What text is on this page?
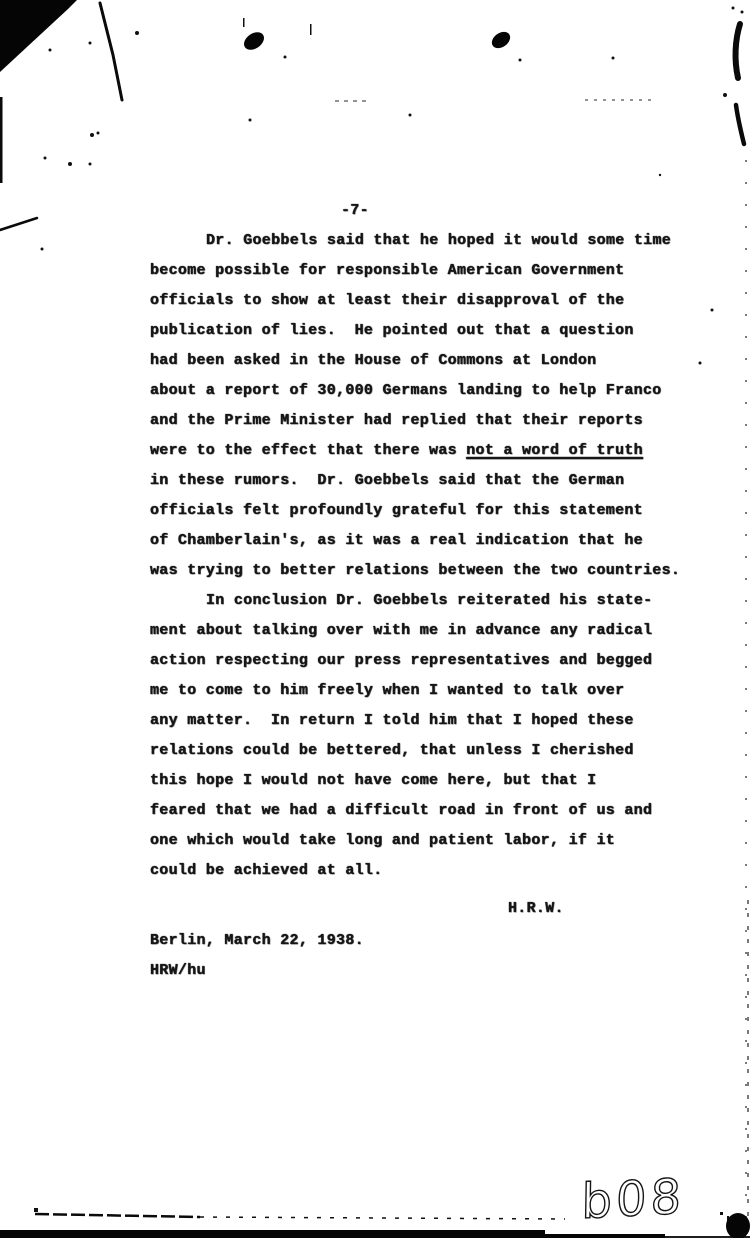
-7-
Dr. Goebbels said that he hoped it would some time
become possible for responsible American Government
officials to show at least their disapproval of the
publication of lies.  He pointed out that a question
had been asked in the House of Commons at London
about a report of 30,000 Germans landing to help Franco
and the Prime Minister had replied that their reports
were to the effect that there was not a word of truth
in these rumors.  Dr. Goebbels said that the German
officials felt profoundly grateful for this statement
of Chamberlain's, as it was a real indication that he
was trying to better relations between the two countries.
In conclusion Dr. Goebbels reiterated his state-
ment about talking over with me in advance any radical
action respecting our press representatives and begged
me to come to him freely when I wanted to talk over
any matter.  In return I told him that I hoped these
relations could be bettered, that unless I cherished
this hope I would not have come here, but that I
feared that we had a difficult road in front of us and
one which would take long and patient labor, if it
could be achieved at all.
H.R.W.
Berlin, March 22, 1938.
HRW/hu
b08
